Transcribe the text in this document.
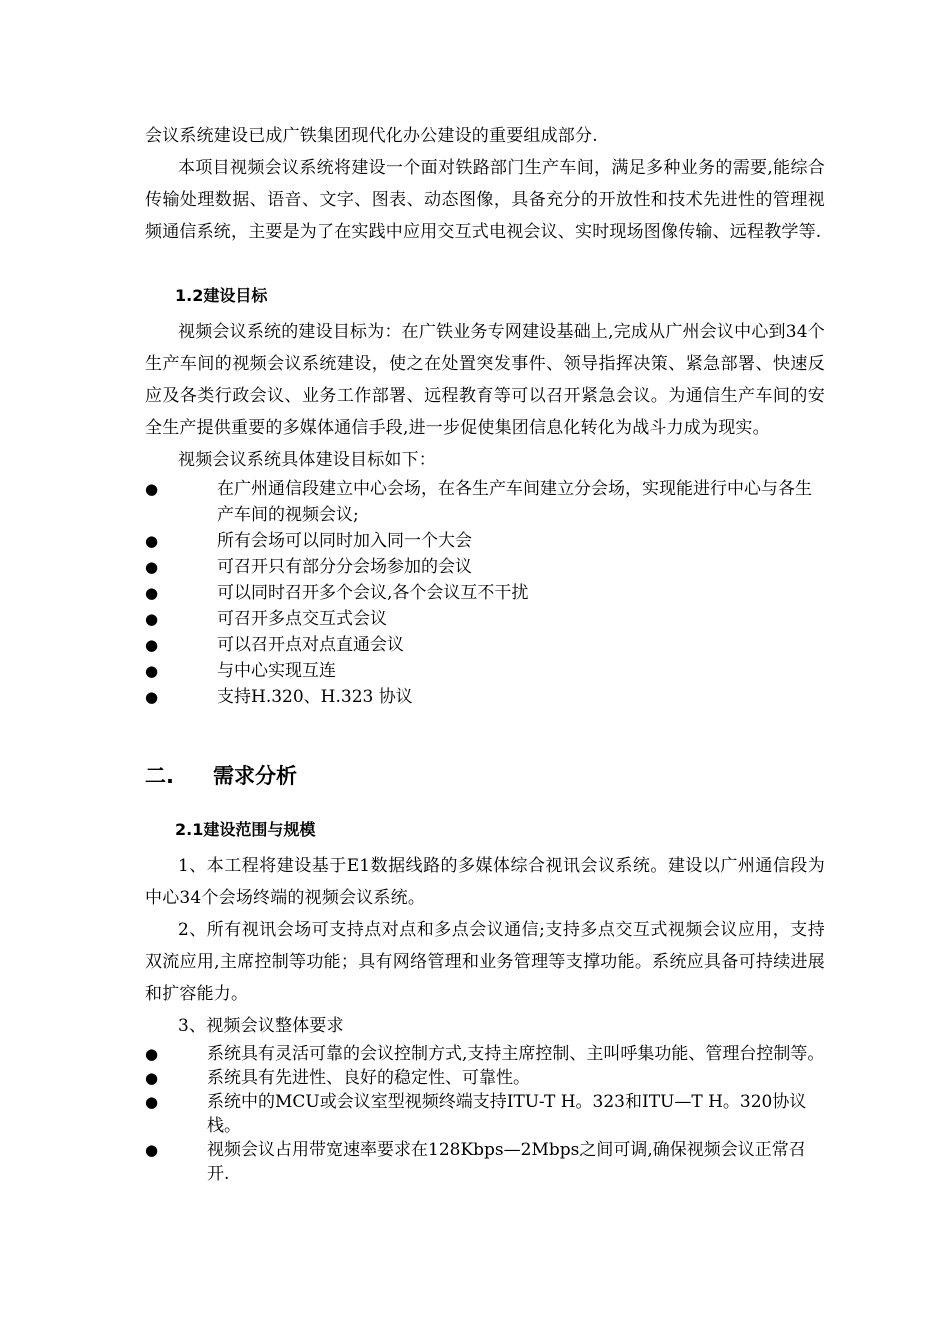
会议系统建设已成广铁集团现代化办公建设的重要组成部分.

本项目视频会议系统将建设一个面对铁路部门生产车间，满足多种业务的需要,能综合传输处理数据、语音、文字、图表、动态图像，具备充分的开放性和技术先进性的管理视频通信系统，主要是为了在实践中应用交互式电视会议、实时现场图像传输、远程教学等.

1.2建设目标

视频会议系统的建设目标为：在广铁业务专网建设基础上,完成从广州会议中心到34个生产车间的视频会议系统建设，使之在处置突发事件、领导指挥决策、紧急部署、快速反应及各类行政会议、业务工作部署、远程教育等可以召开紧急会议。为通信生产车间的安全生产提供重要的多媒体通信手段,进一步促使集团信息化转化为战斗力成为现实。

视频会议系统具体建设目标如下：

●	在广州通信段建立中心会场，在各生产车间建立分会场，实现能进行中心与各生产车间的视频会议;
●	所有会场可以同时加入同一个大会
●	可召开只有部分分会场参加的会议
●	可以同时召开多个会议,各个会议互不干扰
●	可召开多点交互式会议
●	可以召开点对点直通会议
●	与中心实现互连
●	支持H.320、H.323 协议

二. 需求分析

2.1建设范围与规模

1、本工程将建设基于E1数据线路的多媒体综合视讯会议系统。建设以广州通信段为中心34个会场终端的视频会议系统。

2、所有视讯会场可支持点对点和多点会议通信;支持多点交互式视频会议应用，支持双流应用,主席控制等功能；具有网络管理和业务管理等支撑功能。系统应具备可持续进展和扩容能力。

3、视频会议整体要求

●	系统具有灵活可靠的会议控制方式,支持主席控制、主叫呼集功能、管理台控制等。
●	系统具有先进性、良好的稳定性、可靠性。
●	系统中的MCU或会议室型视频终端支持ITU-T H。323和ITU—T H。320协议栈。
●	视频会议占用带宽速率要求在128Kbps—2Mbps之间可调,确保视频会议正常召开.
